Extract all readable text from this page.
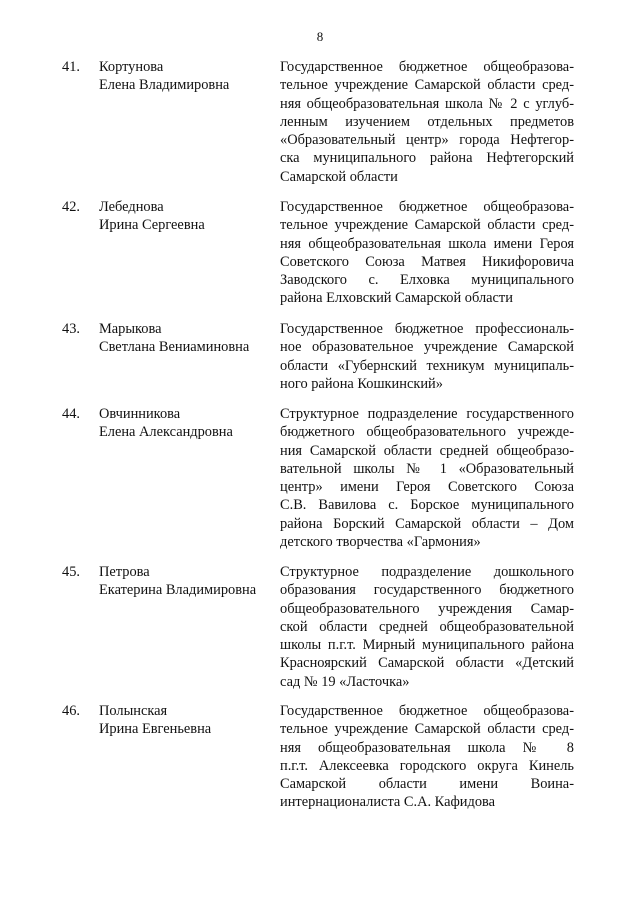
8
41. Кортунова
Елена Владимировна
Государственное бюджетное общеобразова-
тельное учреждение Самарской области сред-
няя общеобразовательная школа № 2 с углуб-
ленным изучением отдельных предметов
«Образовательный центр» города Нефтегор-
ска муниципального района Нефтегорский
Самарской области
42. Лебеднова
Ирина Сергеевна
Государственное бюджетное общеобразова-
тельное учреждение Самарской области сред-
няя общеобразовательная школа имени Героя
Советского Союза Матвея Никифоровича
Заводского с. Елховка муниципального
района Елховский Самарской области
43. Марыкова
Светлана Вениаминовна
Государственное бюджетное профессиональ-
ное образовательное учреждение Самарской
области «Губернский техникум муниципаль-
ного района Кошкинский»
44. Овчинникова
Елена Александровна
Структурное подразделение государственного
бюджетного общеобразовательного учрежде-
ния Самарской области средней общеобразо-
вательной школы № 1 «Образовательный
центр» имени Героя Советского Союза
С.В. Вавилова с. Борское муниципального
района Борский Самарской области – Дом
детского творчества «Гармония»
45. Петрова
Екатерина Владимировна
Структурное подразделение дошкольного
образования государственного бюджетного
общеобразовательного учреждения Самар-
ской области средней общеобразовательной
школы п.г.т. Мирный муниципального района
Красноярский Самарской области «Детский
сад № 19 «Ласточка»
46. Полынская
Ирина Евгеньевна
Государственное бюджетное общеобразова-
тельное учреждение Самарской области сред-
няя общеобразовательная школа № 8
п.г.т. Алексеевка городского округа Кинель
Самарской области имени Воина-
интернационалиста С.А. Кафидова
